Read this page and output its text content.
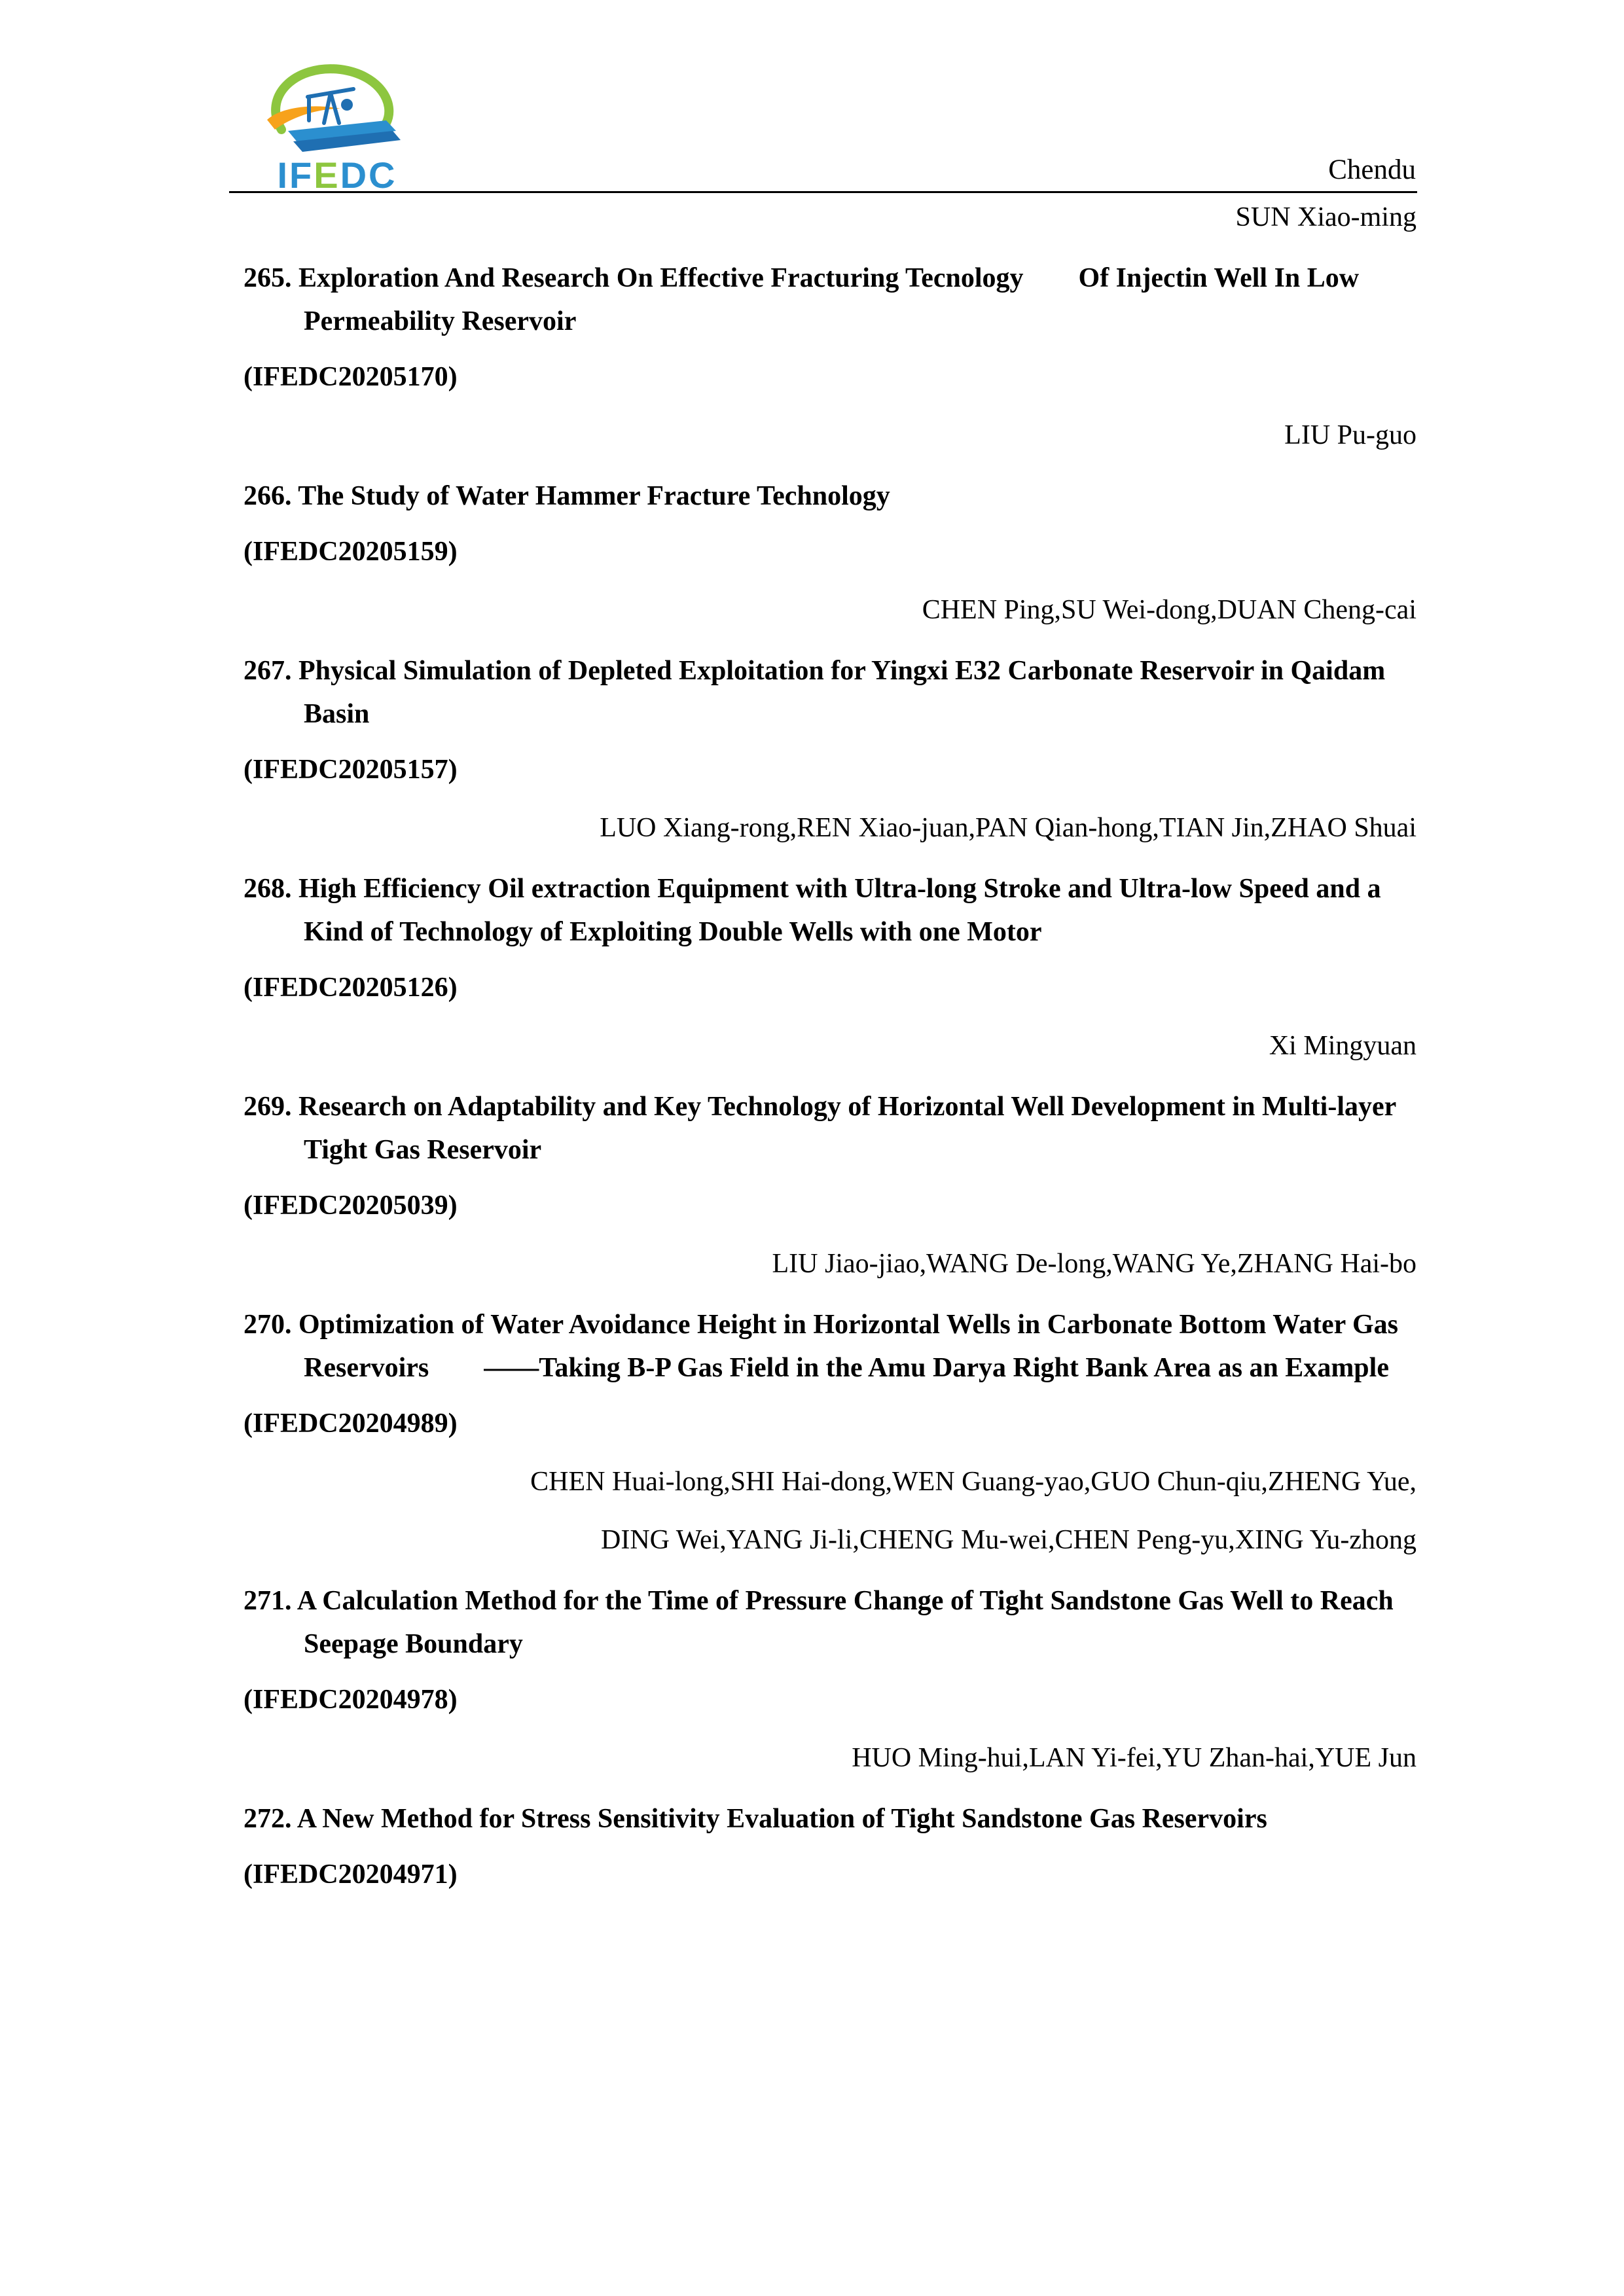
IFEDC	Chendu

SUN Xiao-ming

265. Exploration And Research On Effective Fracturing Tecnology  Of Injectin Well In Low Permeability Reservoir

(IFEDC20205170)

LIU Pu-guo

266. The Study of Water Hammer Fracture Technology

(IFEDC20205159)

CHEN Ping,SU Wei-dong,DUAN Cheng-cai

267. Physical Simulation of Depleted Exploitation for Yingxi E32 Carbonate Reservoir in Qaidam Basin

(IFEDC20205157)

LUO Xiang-rong,REN Xiao-juan,PAN Qian-hong,TIAN Jin,ZHAO Shuai

268. High Efficiency Oil extraction Equipment with Ultra-long Stroke and Ultra-low Speed and a Kind of Technology of Exploiting Double Wells with one Motor

(IFEDC20205126)

Xi Mingyuan

269. Research on Adaptability and Key Technology of Horizontal Well Development in Multi-layer Tight Gas Reservoir

(IFEDC20205039)

LIU Jiao-jiao,WANG De-long,WANG Ye,ZHANG Hai-bo

270. Optimization of Water Avoidance Height in Horizontal Wells in Carbonate Bottom Water Gas Reservoirs  ——Taking B-P Gas Field in the Amu Darya Right Bank Area as an Example

(IFEDC20204989)

CHEN Huai-long,SHI Hai-dong,WEN Guang-yao,GUO Chun-qiu,ZHENG Yue,

DING Wei,YANG Ji-li,CHENG Mu-wei,CHEN Peng-yu,XING Yu-zhong

271. A Calculation Method for the Time of Pressure Change of Tight Sandstone Gas Well to Reach Seepage Boundary

(IFEDC20204978)

HUO Ming-hui,LAN Yi-fei,YU Zhan-hai,YUE Jun

272. A New Method for Stress Sensitivity Evaluation of Tight Sandstone Gas Reservoirs

(IFEDC20204971)
